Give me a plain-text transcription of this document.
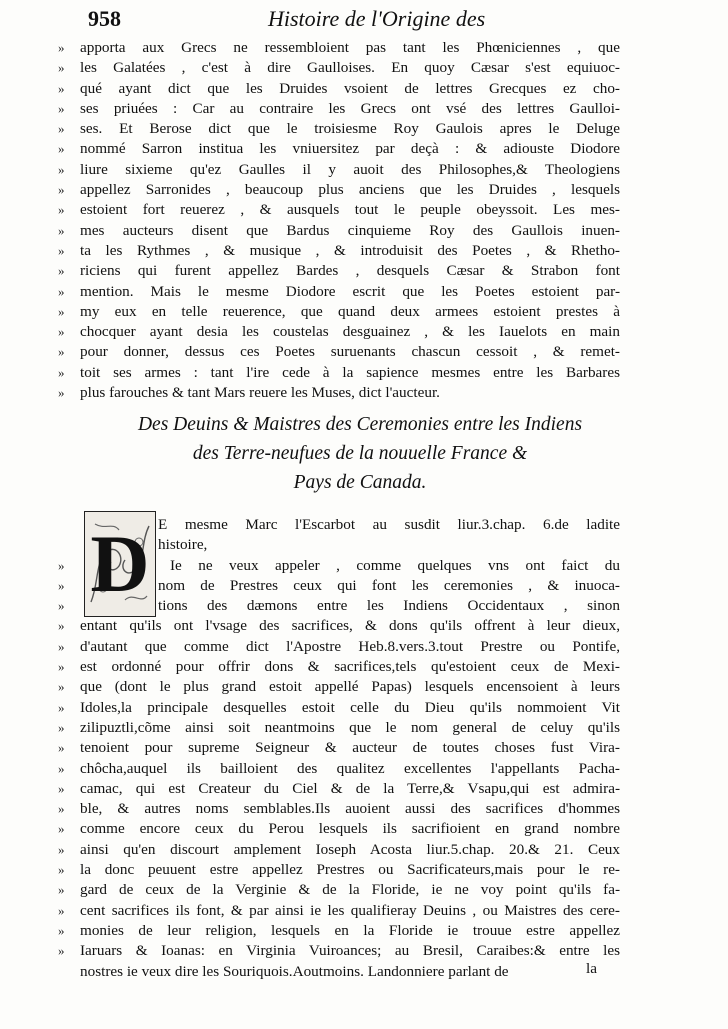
958	Histoire de l'Origine des
»	apporta aux Grecs ne ressembloient pas tant les Phœniciennes , que
»	les Galatées , c'est à dire Gaulloises. En quoy Cæsar s'est equiuoc-
»	qué ayant dict que les Druides vsoient de lettres Grecques ez cho-
»	ses priuées : Car au contraire les Grecs ont vsé des lettres Gaulloi-
»	ses. Et Berose dict que le troisiesme Roy Gaulois apres le Deluge
»	nommé Sarron institua les vniuersitez par deçà : & adiouste Diodore
»	liure sixieme qu'ez Gaulles il y auoit des Philosophes,& Theologiens
»	appellez Sarronides , beaucoup plus anciens que les Druides , lesquels
»	estoient fort reuerez , & ausquels tout le peuple obeyssoit. Les mes-
»	mes aucteurs disent que Bardus cinquieme Roy des Gaullois inuen-
»	ta les Rythmes , & musique , & introduisit des Poetes , & Rhetho-
»	riciens qui furent appellez Bardes , desquels Cæsar & Strabon font
»	mention. Mais le mesme Diodore escrit que les Poetes estoient par-
»	my eux en telle reuerence, que quand deux armees estoient prestes à
»	chocquer ayant desia les coustelas desguainez , & les Iauelots en main
»	pour donner, dessus ces Poetes suruenants chascun cessoit , & remet-
»	toit ses armes : tant l'ire cede à la sapience mesmes entre les Barbares
»	plus farouches & tant Mars reuere les Muses, dict l'aucteur.
Des Deuins & Maistres des Ceremonies entre les Indiens
des Terre-neufues de la nouuelle France &
Pays de Canada.
D E mesme Marc l'Escarbot au susdit liur.3.chap. 6.de ladite
histoire,
»	Ie ne veux appeler , comme quelques vns ont faict du
»	nom de Prestres ceux qui font les ceremonies , & inuoca-
»	tions des dæmons entre les Indiens Occidentaux , sinon
»	entant qu'ils ont l'vsage des sacrifices, & dons qu'ils offrent à leur dieux,
»	d'autant que comme dict l'Apostre Heb.8.vers.3.tout Prestre ou Pontife,
»	est ordonné pour offrir dons & sacrifices,tels qu'estoient ceux de Mexi-
»	que (dont le plus grand estoit appellé Papas) lesquels encensoient à leurs
»	Idoles,la principale desquelles estoit celle du Dieu qu'ils nommoient Vit
»	zilipuztli,cõme ainsi soit neantmoins que le nom general de celuy qu'ils
»	tenoient pour supreme Seigneur & aucteur de toutes choses fust Vira-
»	chôcha,auquel ils bailloient des qualitez excellentes l'appellants Pacha-
»	camac, qui est Createur du Ciel & de la Terre,& Vsapu,qui est admira-
»	ble, & autres noms semblables.Ils auoient aussi des sacrifices d'hommes
»	comme encore ceux du Perou lesquels ils sacrifioient en grand nombre
»	ainsi qu'en discourt amplement Ioseph Acosta liur.5.chap. 20.& 21. Ceux
»	la donc peuuent estre appellez Prestres ou Sacrificateurs,mais pour le re-
»	gard de ceux de la Verginie & de la Floride, ie ne voy point qu'ils fa-
»	cent sacrifices ils font, & par ainsi ie les qualifieray Deuins , ou Maistres des cere-
»	monies de leur religion, lesquels en la Floride ie trouue estre appellez
»	Iaruars & Ioanas: en Virginia Vuiroances; au Bresil, Caraibes:& entre les
nostres ie veux dire les Souriquois.Aoutmoins. Landonniere parlant de	la
